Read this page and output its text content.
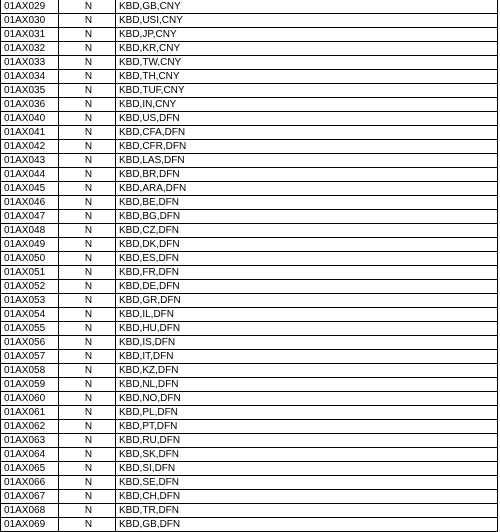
01AX029	N	KBD,GB,CNY
01AX030	N	KBD,USI,CNY
01AX031	N	KBD,JP,CNY
01AX032	N	KBD,KR,CNY
01AX033	N	KBD,TW,CNY
01AX034	N	KBD,TH,CNY
01AX035	N	KBD,TUF,CNY
01AX036	N	KBD,IN,CNY
01AX040	N	KBD,US,DFN
01AX041	N	KBD,CFA,DFN
01AX042	N	KBD,CFR,DFN
01AX043	N	KBD,LAS,DFN
01AX044	N	KBD,BR,DFN
01AX045	N	KBD,ARA,DFN
01AX046	N	KBD,BE,DFN
01AX047	N	KBD,BG,DFN
01AX048	N	KBD,CZ,DFN
01AX049	N	KBD,DK,DFN
01AX050	N	KBD,ES,DFN
01AX051	N	KBD,FR,DFN
01AX052	N	KBD,DE,DFN
01AX053	N	KBD,GR,DFN
01AX054	N	KBD,IL,DFN
01AX055	N	KBD,HU,DFN
01AX056	N	KBD,IS,DFN
01AX057	N	KBD,IT,DFN
01AX058	N	KBD,KZ,DFN
01AX059	N	KBD,NL,DFN
01AX060	N	KBD,NO,DFN
01AX061	N	KBD,PL,DFN
01AX062	N	KBD,PT,DFN
01AX063	N	KBD,RU,DFN
01AX064	N	KBD,SK,DFN
01AX065	N	KBD,SI,DFN
01AX066	N	KBD,SE,DFN
01AX067	N	KBD,CH,DFN
01AX068	N	KBD,TR,DFN
01AX069	N	KBD,GB,DFN
